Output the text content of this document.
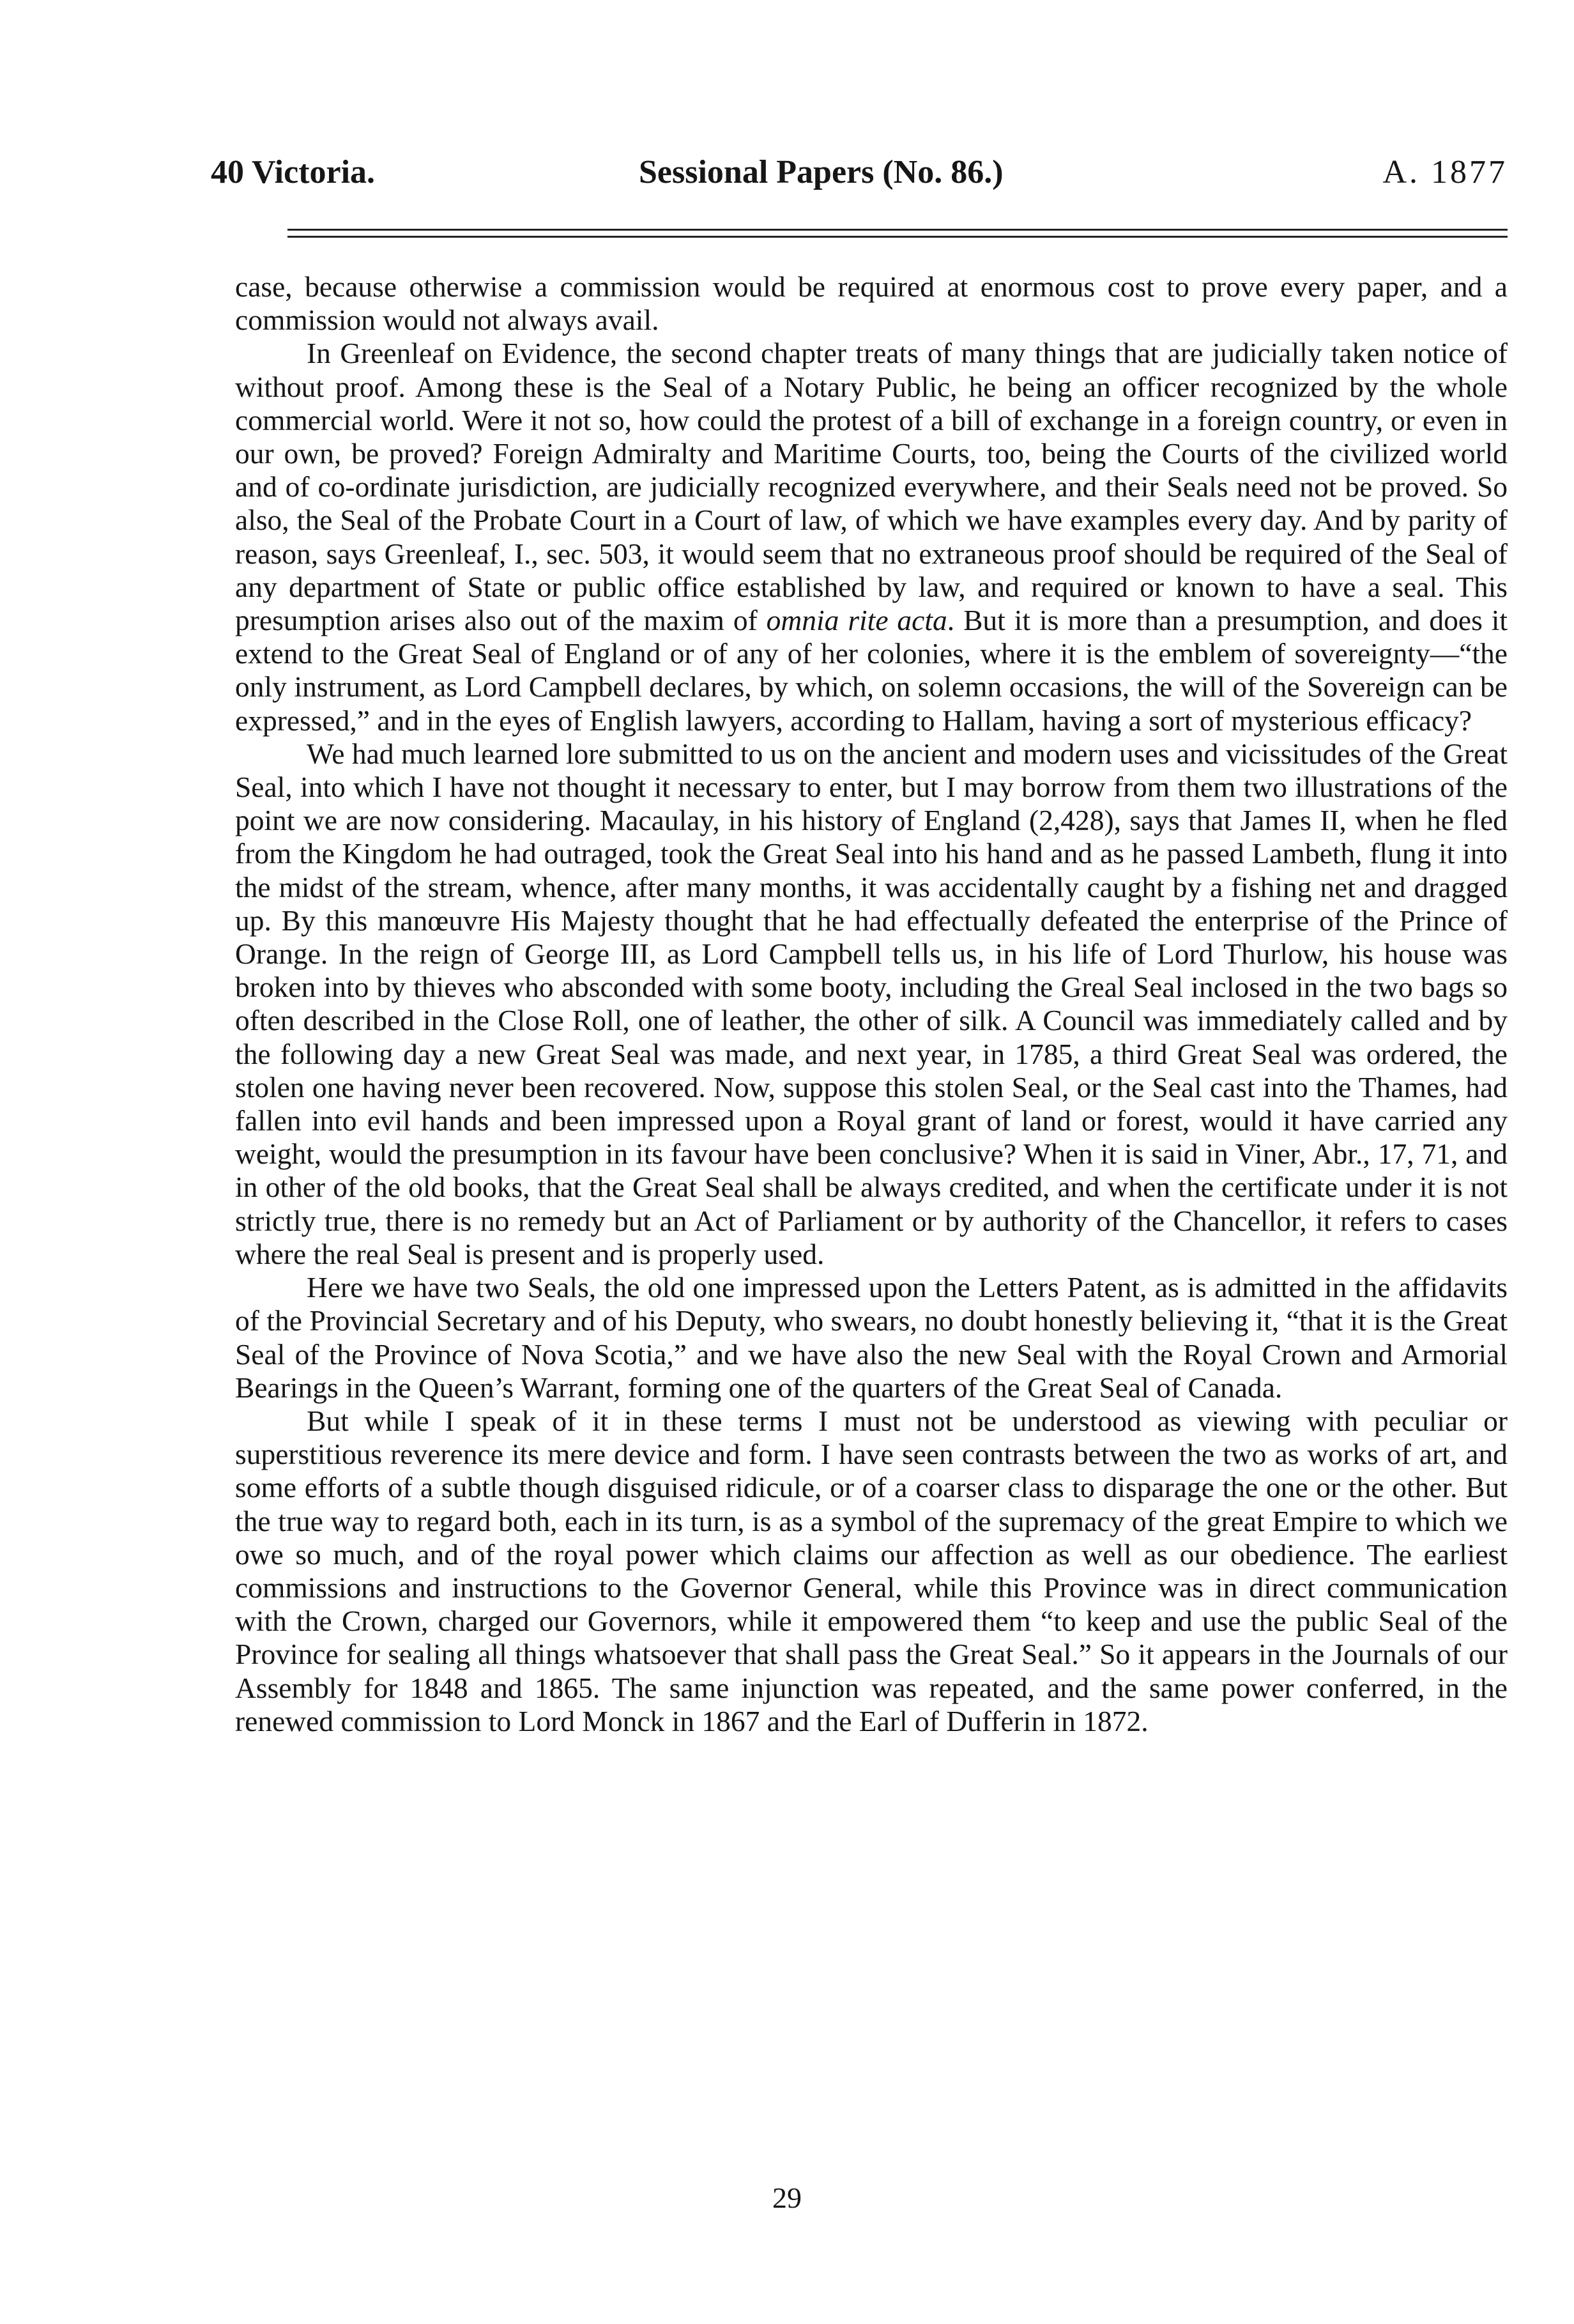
40 Victoria.	Sessional Papers (No. 86.)	A. 1877

case, because otherwise a commission would be required at enormous cost to prove every paper, and a commission would not always avail.

In Greenleaf on Evidence, the second chapter treats of many things that are judicially taken notice of without proof. Among these is the Seal of a Notary Public, he being an officer recognized by the whole commercial world. Were it not so, how could the protest of a bill of exchange in a foreign country, or even in our own, be proved? Foreign Admiralty and Maritime Courts, too, being the Courts of the civilized world and of co-ordinate jurisdiction, are judicially recognized everywhere, and their Seals need not be proved. So also, the Seal of the Probate Court in a Court of law, of which we have examples every day. And by parity of reason, says Greenleaf, I., sec. 503, it would seem that no extraneous proof should be required of the Seal of any department of State or public office established by law, and required or known to have a seal. This presumption arises also out of the maxim of omnia rite acta. But it is more than a presumption, and does it extend to the Great Seal of England or of any of her colonies, where it is the emblem of sovereignty—“the only instrument, as Lord Campbell declares, by which, on solemn occasions, the will of the Sovereign can be expressed,” and in the eyes of English lawyers, according to Hallam, having a sort of mysterious efficacy?

We had much learned lore submitted to us on the ancient and modern uses and vicissitudes of the Great Seal, into which I have not thought it necessary to enter, but I may borrow from them two illustrations of the point we are now considering. Macaulay, in his history of England (2,428), says that James II, when he fled from the Kingdom he had outraged, took the Great Seal into his hand and as he passed Lambeth, flung it into the midst of the stream, whence, after many months, it was accidentally caught by a fishing net and dragged up. By this manœuvre His Majesty thought that he had effectually defeated the enterprise of the Prince of Orange. In the reign of George III, as Lord Campbell tells us, in his life of Lord Thurlow, his house was broken into by thieves who absconded with some booty, including the Greal Seal inclosed in the two bags so often described in the Close Roll, one of leather, the other of silk. A Council was immediately called and by the following day a new Great Seal was made, and next year, in 1785, a third Great Seal was ordered, the stolen one having never been recovered. Now, suppose this stolen Seal, or the Seal cast into the Thames, had fallen into evil hands and been impressed upon a Royal grant of land or forest, would it have carried any weight, would the presumption in its favour have been conclusive? When it is said in Viner, Abr., 17, 71, and in other of the old books, that the Great Seal shall be always credited, and when the certificate under it is not strictly true, there is no remedy but an Act of Parliament or by authority of the Chancellor, it refers to cases where the real Seal is present and is properly used.

Here we have two Seals, the old one impressed upon the Letters Patent, as is admitted in the affidavits of the Provincial Secretary and of his Deputy, who swears, no doubt honestly believing it, “that it is the Great Seal of the Province of Nova Scotia,” and we have also the new Seal with the Royal Crown and Armorial Bearings in the Queen’s Warrant, forming one of the quarters of the Great Seal of Canada.

But while I speak of it in these terms I must not be understood as viewing with peculiar or superstitious reverence its mere device and form. I have seen contrasts between the two as works of art, and some efforts of a subtle though disguised ridicule, or of a coarser class to disparage the one or the other. But the true way to regard both, each in its turn, is as a symbol of the supremacy of the great Empire to which we owe so much, and of the royal power which claims our affection as well as our obedience. The earliest commissions and instructions to the Governor General, while this Province was in direct communication with the Crown, charged our Governors, while it empowered them “to keep and use the public Seal of the Province for sealing all things whatsoever that shall pass the Great Seal.” So it appears in the Journals of our Assembly for 1848 and 1865. The same injunction was repeated, and the same power conferred, in the renewed commission to Lord Monck in 1867 and the Earl of Dufferin in 1872.

29
